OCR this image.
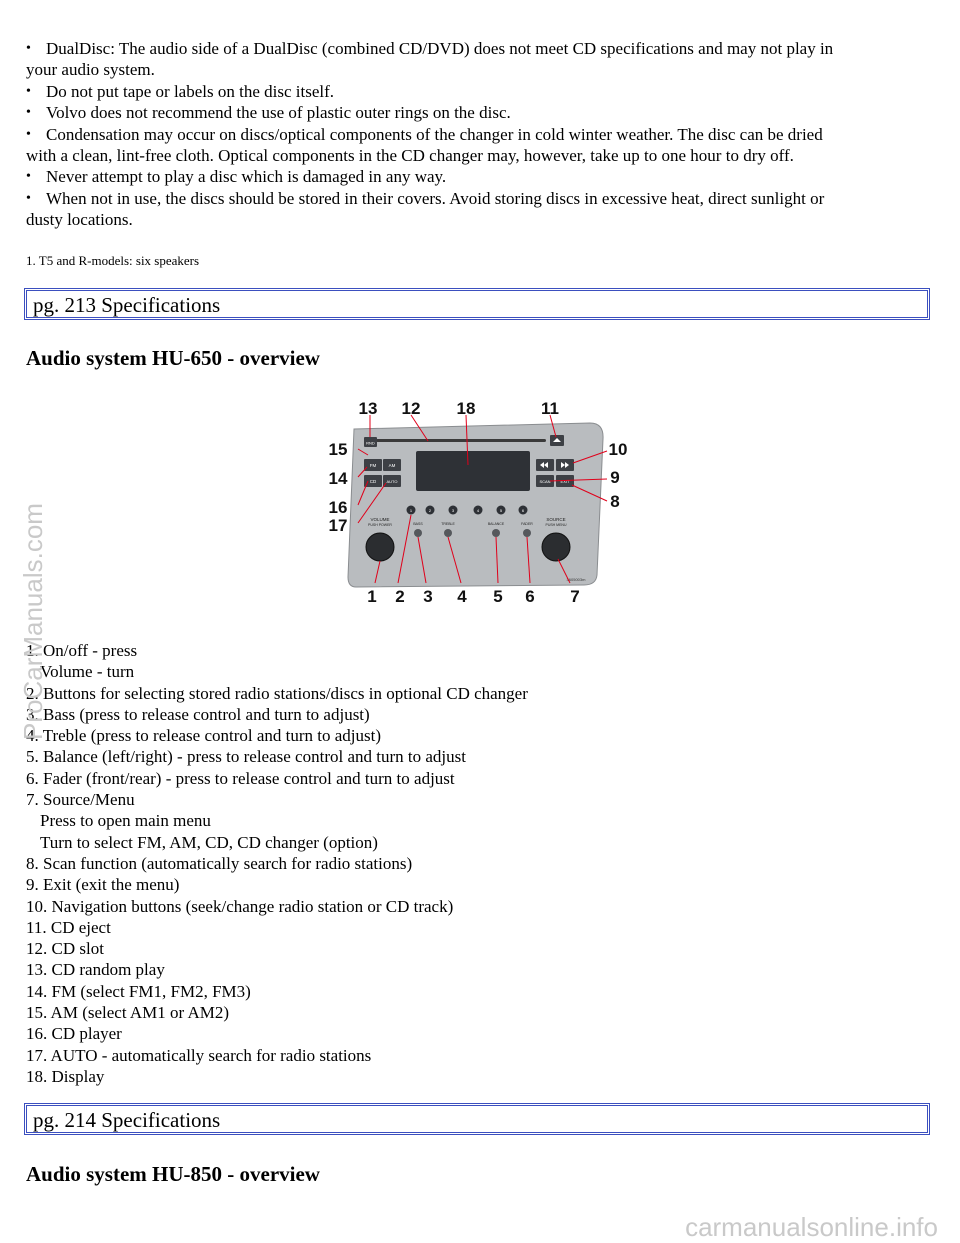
• DualDisc: The audio side of a DualDisc (combined CD/DVD) does not meet CD specifications and may not play in
your audio system.
• Do not put tape or labels on the disc itself.
• Volvo does not recommend the use of plastic outer rings on the disc.
• Condensation may occur on discs/optical components of the changer in cold winter weather. The disc can be dried
with a clean, lint-free cloth. Optical components in the CD changer may, however, take up to one hour to dry off.
• Never attempt to play a disc which is damaged in any way.
• When not in use, the discs should be stored in their covers. Avoid storing discs in excessive heat, direct sunlight or
dusty locations.
1. T5 and R-models: six speakers
pg. 213 Specifications
Audio system HU-650 - overview
RND
FM	AM
CD	AUTO	SCAN EXIT
1	2	3	4	5	6
BASS	TREBLE	BALANCE	FADER
VOLUME
PUSH POWER
SOURCE
PUSH MENU
3605003m
13 12 18	11
15	10
14	9
16	8
17
1 2 3 4 5 6 7
1. On/off - press
Volume - turn
2. Buttons for selecting stored radio stations/discs in optional CD changer
3. Bass (press to release control and turn to adjust)
4. Treble (press to release control and turn to adjust)
5. Balance (left/right) - press to release control and turn to adjust
6. Fader (front/rear) - press to release control and turn to adjust
7. Source/Menu
Press to open main menu
Turn to select FM, AM, CD, CD changer (option)
8. Scan function (automatically search for radio stations)
9. Exit (exit the menu)
10. Navigation buttons (seek/change radio station or CD track)
11. CD eject
12. CD slot
13. CD random play
14. FM (select FM1, FM2, FM3)
15. AM (select AM1 or AM2)
16. CD player
17. AUTO - automatically search for radio stations
18. Display
pg. 214 Specifications
Audio system HU-850 - overview
ProCarManuals.com
carmanualsonline.info
